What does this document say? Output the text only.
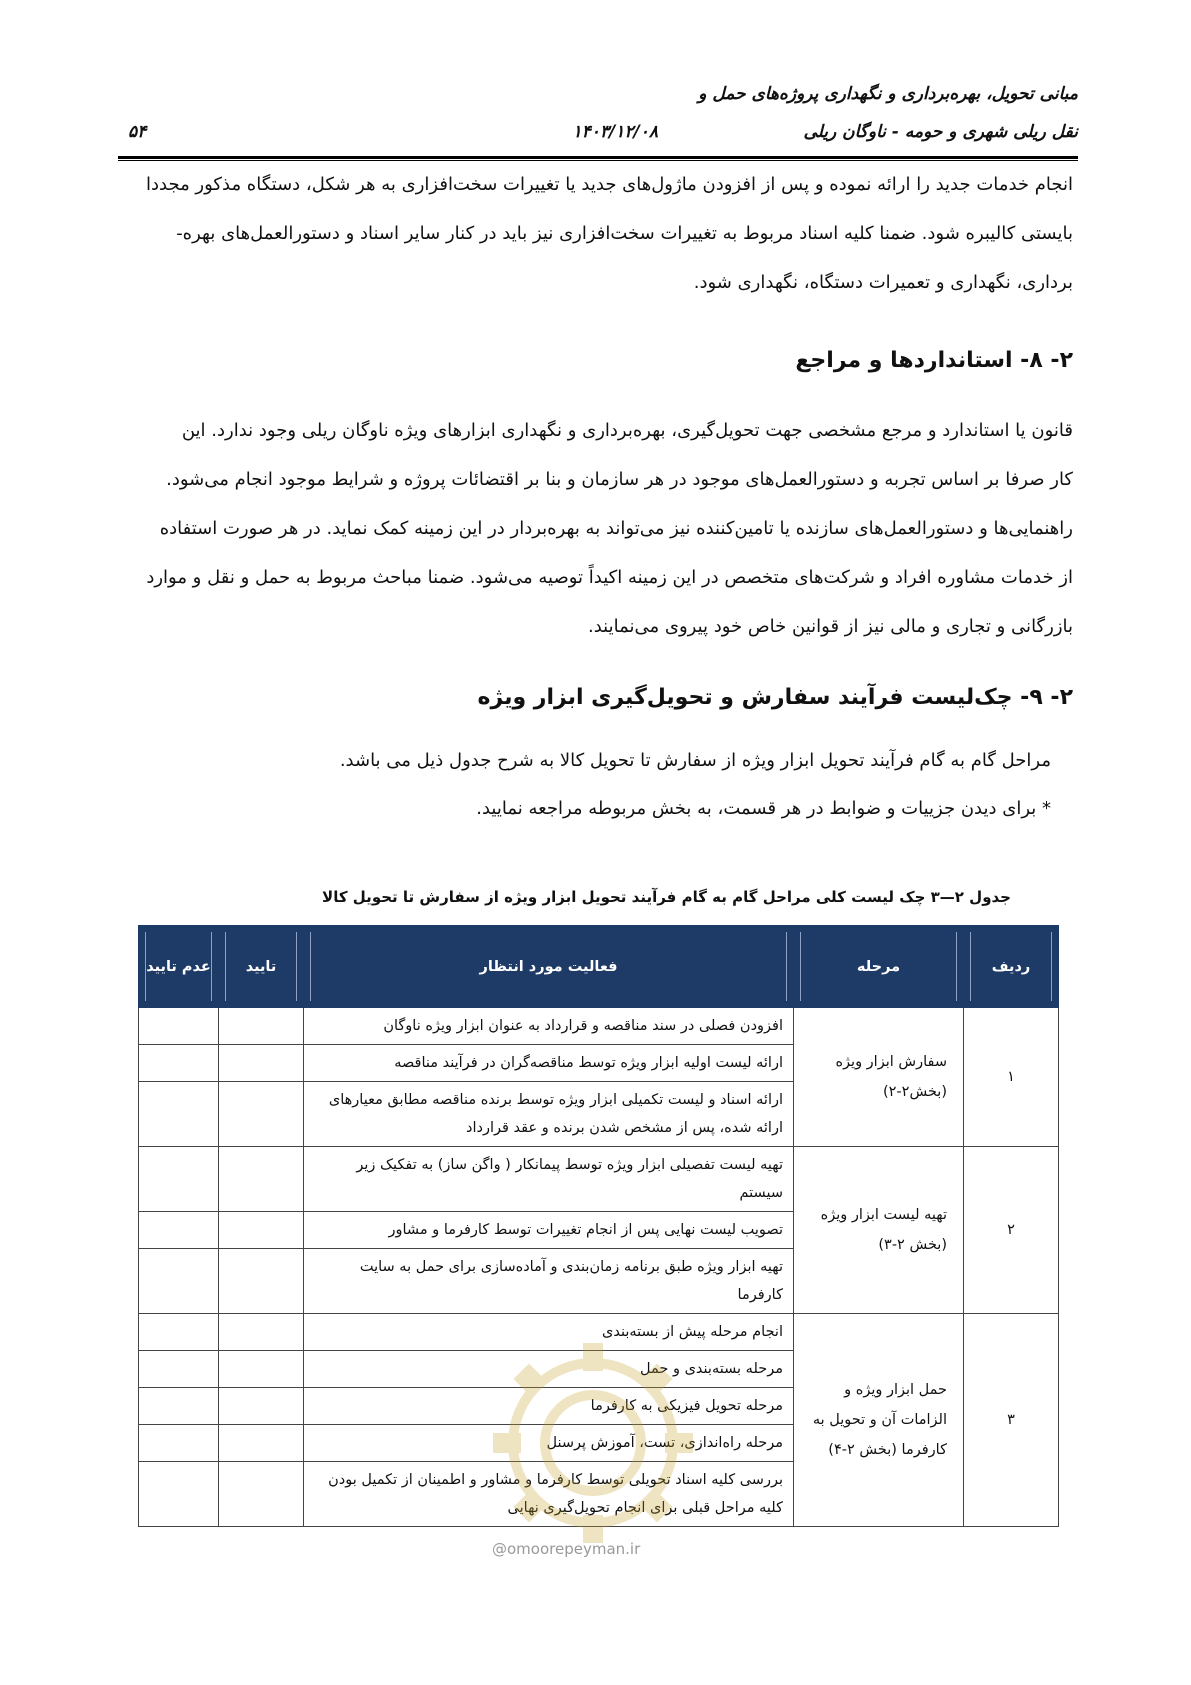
مبانی تحویل، بهره‌برداری و نگهداری پروژه‌های حمل و
نقل ریلی شهری و حومه - ناوگان ریلی
۱۴۰۳/۱۲/۰۸
۵۴
انجام خدمات جدید را ارائه نموده و پس از افزودن ماژول‌های جدید یا تغییرات سخت‌افزاری به هر شکل، دستگاه مذکور مجددا
بایستی کالیبره شود. ضمنا کلیه اسناد مربوط به تغییرات سخت‌افزاری نیز باید در کنار سایر اسناد و دستورالعمل‌های بهره-
برداری، نگهداری و تعمیرات دستگاه، نگهداری شود.
۲- ۸- استانداردها و مراجع
قانون یا استاندارد و مرجع مشخصی جهت تحویل‌گیری، بهره‌برداری و نگهداری ابزارهای ویژه ناوگان ریلی وجود ندارد. این
کار صرفا بر اساس تجربه و دستورالعمل‌های موجود در هر سازمان و بنا بر اقتضائات پروژه و شرایط موجود انجام می‌شود.
راهنمایی‌ها و دستورالعمل‌های سازنده یا تامین‌کننده نیز می‌تواند به بهره‌بردار در این زمینه کمک نماید. در هر صورت استفاده
از خدمات مشاوره افراد و شرکت‌های متخصص در این زمینه اکیداً توصیه می‌شود. ضمنا مباحث مربوط به حمل و نقل و موارد
بازرگانی و تجاری و مالی نیز از قوانین خاص خود پیروی می‌نمایند.
۲- ۹- چک‌لیست فرآیند سفارش و تحویل‌گیری ابزار ویژه
مراحل گام به گام فرآیند تحویل ابزار ویژه از سفارش تا تحویل کالا به شرح جدول ذیل می باشد.
* برای دیدن جزییات و ضوابط در هر قسمت، به بخش مربوطه مراجعه نمایید.
جدول ۲—۳ چک لیست کلی مراحل گام به گام فرآیند تحویل ابزار ویژه از سفارش تا تحویل کالا
ردیف	مرحله	فعالیت مورد انتظار	تایید	عدم تایید

۱	سفارش ابزار ویژه (بخش۲-۲)	افزودن فصلی در سند مناقصه و قرارداد به عنوان ابزار ویژه ناوگان		
		ارائه لیست اولیه ابزار ویژه توسط مناقصه‌گران در فرآیند مناقصه		
		ارائه اسناد و لیست تکمیلی ابزار ویژه توسط برنده مناقصه مطابق معیارهای ارائه شده، پس از مشخص شدن برنده و عقد قرارداد		
۲	تهیه لیست ابزار ویژه (بخش ۲-۳)	تهیه لیست تفصیلی ابزار ویژه توسط پیمانکار ( واگن ساز) به تفکیک زیر سیستم		
		تصویب لیست نهایی پس از انجام تغییرات توسط کارفرما و مشاور		
		تهیه ابزار ویژه طبق برنامه زمان‌بندی و آماده‌سازی برای حمل به سایت کارفرما		
۳	حمل ابزار ویژه و الزامات آن و تحویل به کارفرما (بخش ۲-۴)	انجام مرحله پیش از بسته‌بندی		
		مرحله بسته‌بندی و حمل		
		مرحله تحویل فیزیکی به کارفرما		
		مرحله راه‌اندازی، تست، آموزش پرسنل		
		بررسی کلیه اسناد تحویلی توسط کارفرما و مشاور و اطمینان از تکمیل بودن کلیه مراحل قبلی برای انجام تحویل‌گیری نهایی		
@omoorepeyman.ir
